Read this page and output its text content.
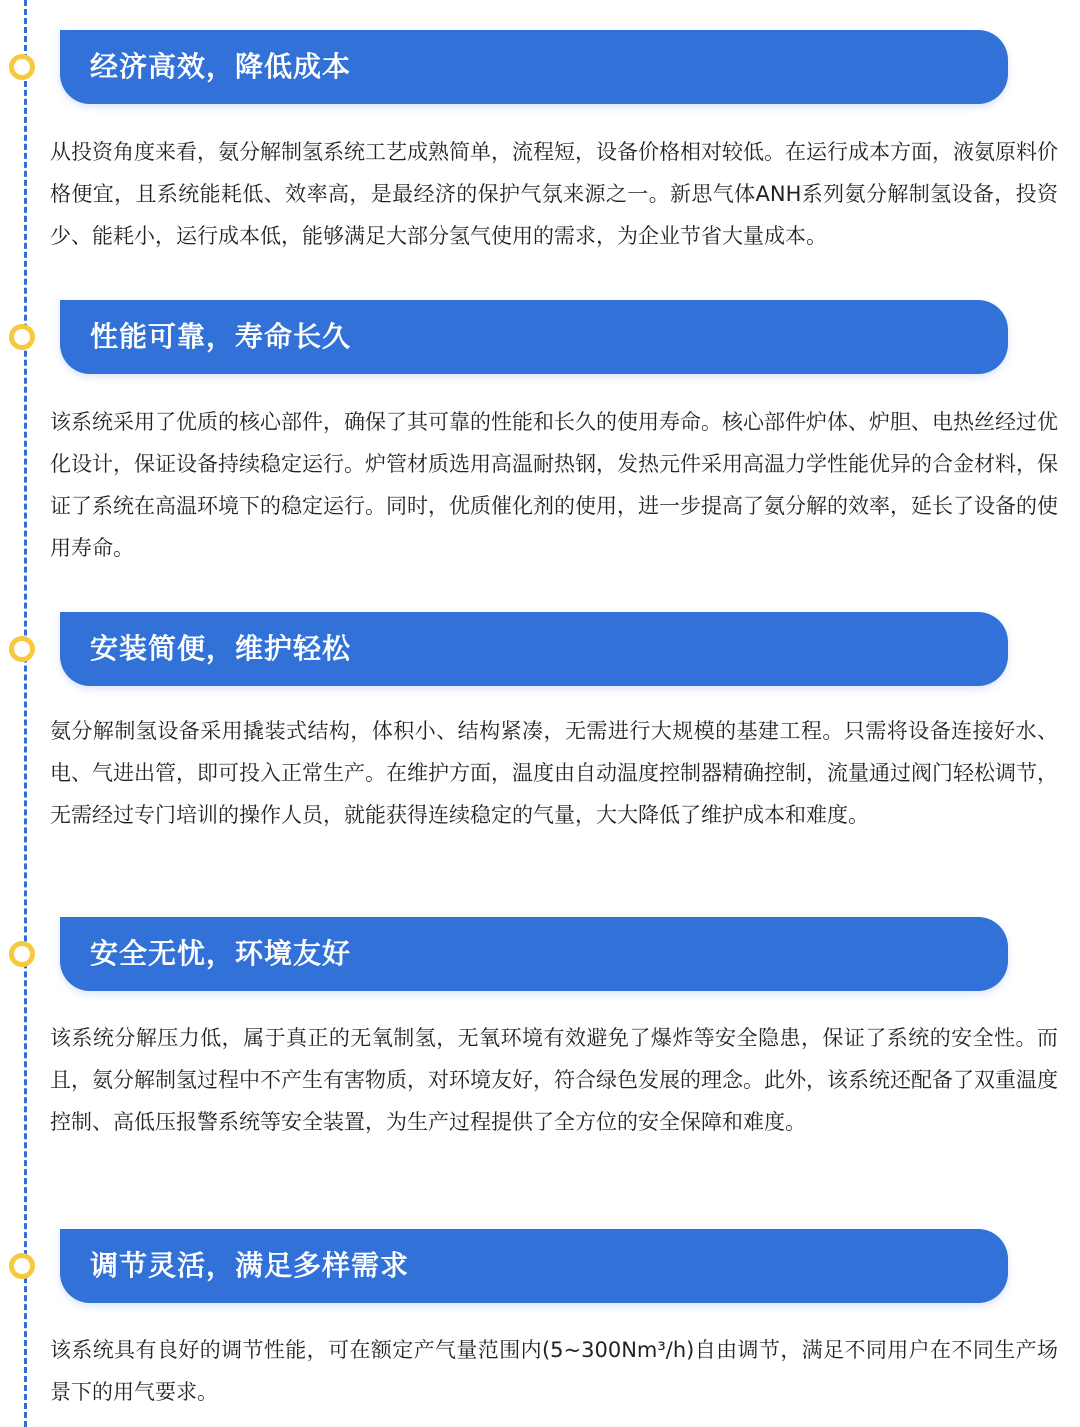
经济高效，降低成本

从投资角度来看，氨分解制氢系统工艺成熟简单，流程短，设备价格相对较低。在运行成本方面，液氨原料价格便宜，且系统能耗低、效率高，是最经济的保护气氛来源之一。新思气体ANH系列氨分解制氢设备，投资少、能耗小，运行成本低，能够满足大部分氢气使用的需求，为企业节省大量成本。

性能可靠，寿命长久

该系统采用了优质的核心部件，确保了其可靠的性能和长久的使用寿命。核心部件炉体、炉胆、电热丝经过优化设计，保证设备持续稳定运行。炉管材质选用高温耐热钢，发热元件采用高温力学性能优异的合金材料，保证了系统在高温环境下的稳定运行。同时，优质催化剂的使用，进一步提高了氨分解的效率，延长了设备的使用寿命。

安装简便，维护轻松

氨分解制氢设备采用撬装式结构，体积小、结构紧凑，无需进行大规模的基建工程。只需将设备连接好水、电、气进出管，即可投入正常生产。在维护方面，温度由自动温度控制器精确控制，流量通过阀门轻松调节，无需经过专门培训的操作人员，就能获得连续稳定的气量，大大降低了维护成本和难度。

安全无忧，环境友好

该系统分解压力低，属于真正的无氧制氢，无氧环境有效避免了爆炸等安全隐患，保证了系统的安全性。而且，氨分解制氢过程中不产生有害物质，对环境友好，符合绿色发展的理念。此外，该系统还配备了双重温度控制、高低压报警系统等安全装置，为生产过程提供了全方位的安全保障和难度。

调节灵活，满足多样需求

该系统具有良好的调节性能，可在额定产气量范围内(5~300Nm³/h)自由调节，满足不同用户在不同生产场景下的用气要求。
